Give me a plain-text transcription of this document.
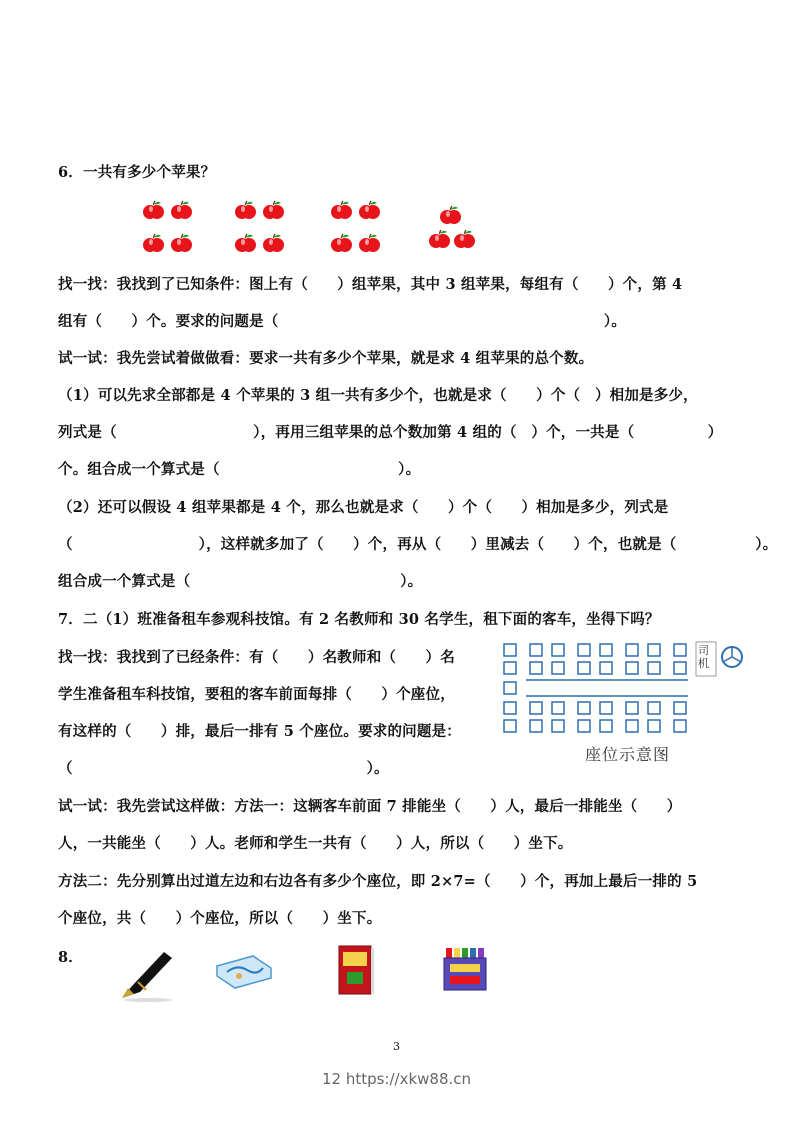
6．一共有多少个苹果？
找一找：我找到了已知条件：图上有（　　）组苹果，其中 3 组苹果，每组有（　　）个，第 4
组有（　　）个。要求的问题是（                                                              ）。
试一试：我先尝试着做做看：要求一共有多少个苹果，就是求 4 组苹果的总个数。
（1）可以先求全部都是 4 个苹果的 3 组一共有多少个，也就是求（　　）个（　）相加是多少，
列式是（                          ），再用三组苹果的总个数加第 4 组的（　）个，一共是（              ）
个。组合成一个算式是（                                  ）。
（2）还可以假设 4 组苹果都是 4 个，那么也就是求（　　）个（　　）相加是多少，列式是
（                        ），这样就多加了（　　）个，再从（　　）里减去（　　）个，也就是（               ）。
组合成一个算式是（                                        ）。
7．二（1）班准备租车参观科技馆。有 2 名教师和 30 名学生，租下面的客车，坐得下吗？
找一找：我找到了已经条件：有（　　）名教师和（　　）名
学生准备租车科技馆，要租的客车前面每排（　　）个座位，
有这样的（　　）排，最后一排有 5 个座位。要求的问题是：
（                                                        ）。
司机
座位示意图
试一试：我先尝试这样做：方法一：这辆客车前面 7 排能坐（　　）人，最后一排能坐（　　）
人，一共能坐（　　）人。老师和学生一共有（　　）人，所以（　　）坐下。
方法二：先分别算出过道左边和右边各有多少个座位，即 2×7=（　　）个，再加上最后一排的 5
个座位，共（　　）个座位，所以（　　）坐下。
8．
3
12 https://xkw88.cn
